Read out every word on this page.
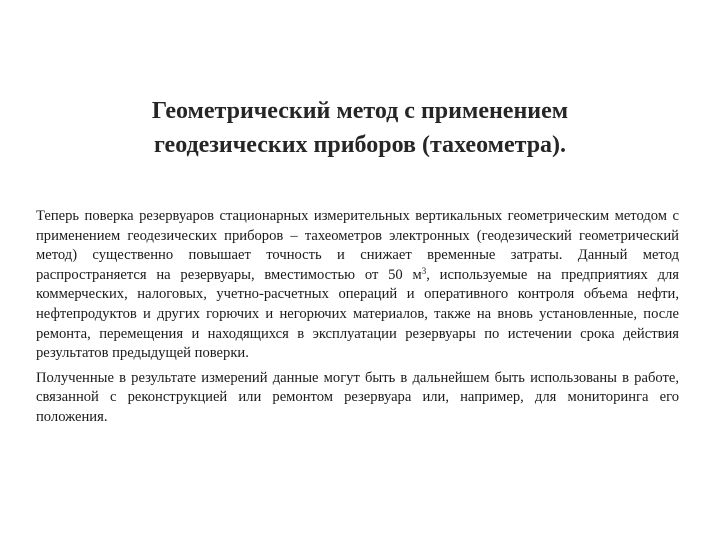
Геометрический метод с применением
геодезических приборов (тахеометра).

Теперь поверка резервуаров стационарных измерительных вертикальных геометрическим методом с применением геодезических приборов – тахеометров электронных (геодезический геометрический метод) существенно повышает точность и снижает временные затраты. Данный метод распространяется на резервуары, вместимостью от 50 $м^3$, используемые на предприятиях для коммерческих, налоговых, учетно-расчетных операций и оперативного контроля объема нефти, нефтепродуктов и других горючих и негорючих материалов, также на вновь установленные, после ремонта, перемещения и находящихся в эксплуатации резервуары по истечении срока действия результатов предыдущей поверки.

Полученные в результате измерений данные могут быть в дальнейшем быть использованы в работе, связанной с реконструкцией или ремонтом резервуара или, например, для мониторинга его положения.
